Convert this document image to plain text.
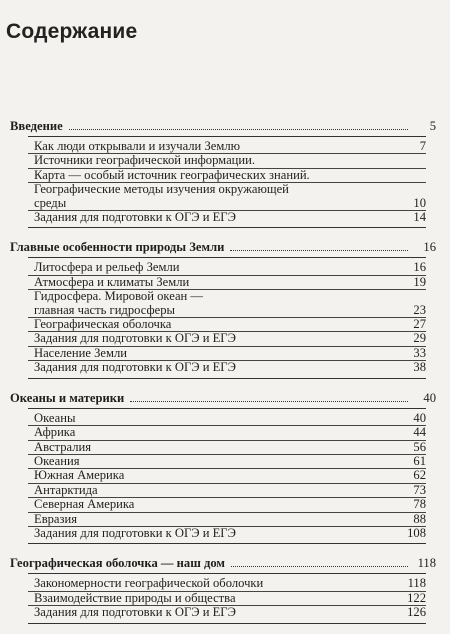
Содержание
Введение	5
Как люди открывали и изучали Землю	7
Источники географической информации.
Карта — особый источник географических знаний.
Географические методы изучения окружающей
среды	10
Задания для подготовки к ОГЭ и ЕГЭ	14
Главные особенности природы Земли	16
Литосфера и рельеф Земли	16
Атмосфера и климаты Земли	19
Гидросфера. Мировой океан —
главная часть гидросферы	23
Географическая оболочка	27
Задания для подготовки к ОГЭ и ЕГЭ	29
Население Земли	33
Задания для подготовки к ОГЭ и ЕГЭ	38
Океаны и материки	40
Океаны	40
Африка	44
Австралия	56
Океания	61
Южная Америка	62
Антарктида	73
Северная Америка	78
Евразия	88
Задания для подготовки к ОГЭ и ЕГЭ	108
Географическая оболочка — наш дом	118
Закономерности географической оболочки	118
Взаимодействие природы и общества	122
Задания для подготовки к ОГЭ и ЕГЭ	126
